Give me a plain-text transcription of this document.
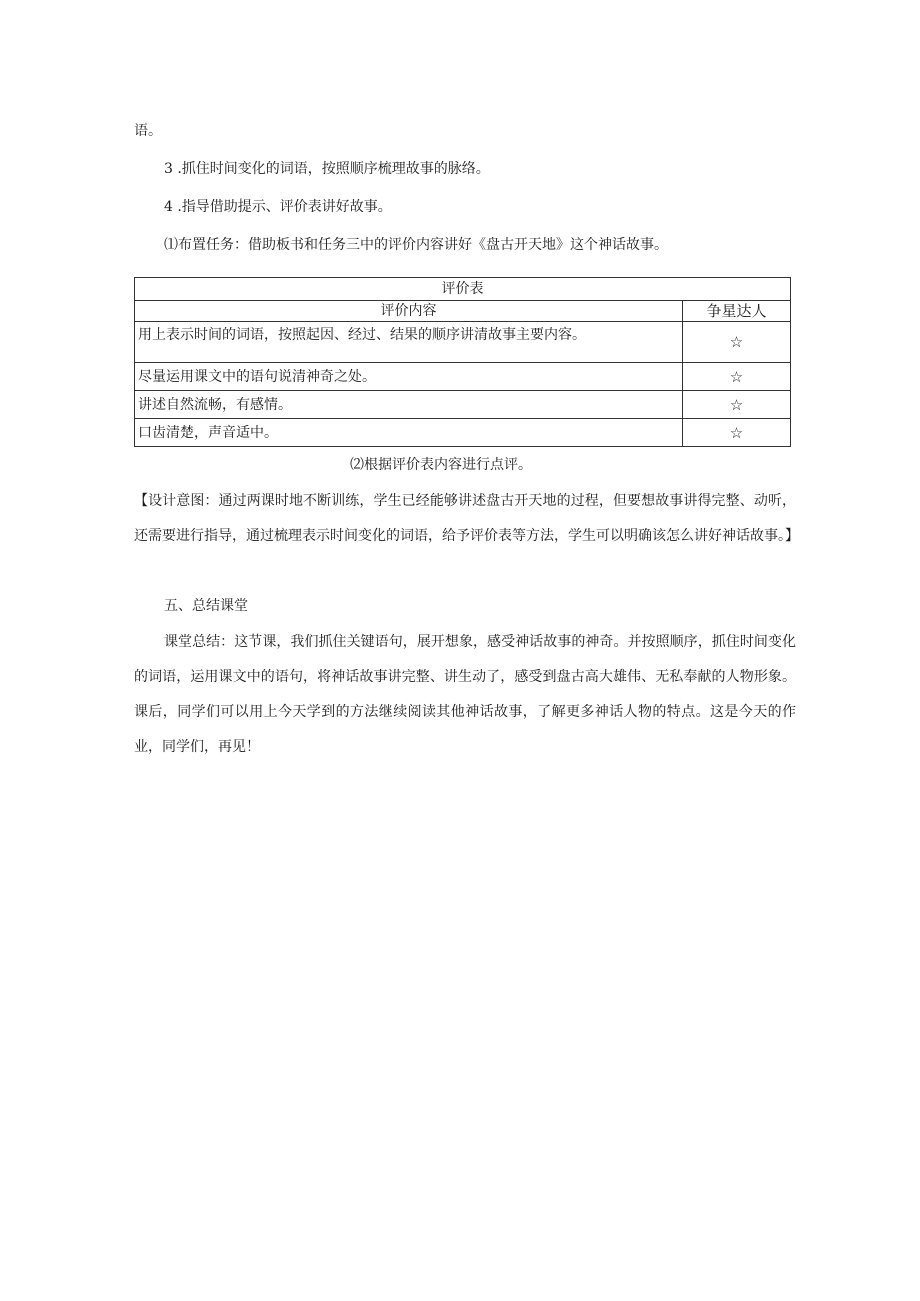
语。
3 .抓住时间变化的词语，按照顺序梳理故事的脉络。
4 .指导借助提示、评价表讲好故事。
⑴布置任务：借助板书和任务三中的评价内容讲好《盘古开天地》这个神话故事。
评价表	
评价内容	争星达人
用上表示时间的词语，按照起因、经过、结果的顺序讲清故事主要内容。	☆
尽量运用课文中的语句说清神奇之处。	☆
讲述自然流畅，有感情。	☆
口齿清楚，声音适中。	☆
⑵根据评价表内容进行点评。
【设计意图：通过两课时地不断训练，学生已经能够讲述盘古开天地的过程，但要想故事讲得完整、动听，还需要进行指导，通过梳理表示时间变化的词语，给予评价表等方法，学生可以明确该怎么讲好神话故事。】
五、总结课堂
课堂总结：这节课，我们抓住关键语句，展开想象，感受神话故事的神奇。并按照顺序，抓住时间变化的词语，运用课文中的语句，将神话故事讲完整、讲生动了，感受到盘古高大雄伟、无私奉献的人物形象。课后，同学们可以用上今天学到的方法继续阅读其他神话故事，了解更多神话人物的特点。这是今天的作业，同学们，再见！
